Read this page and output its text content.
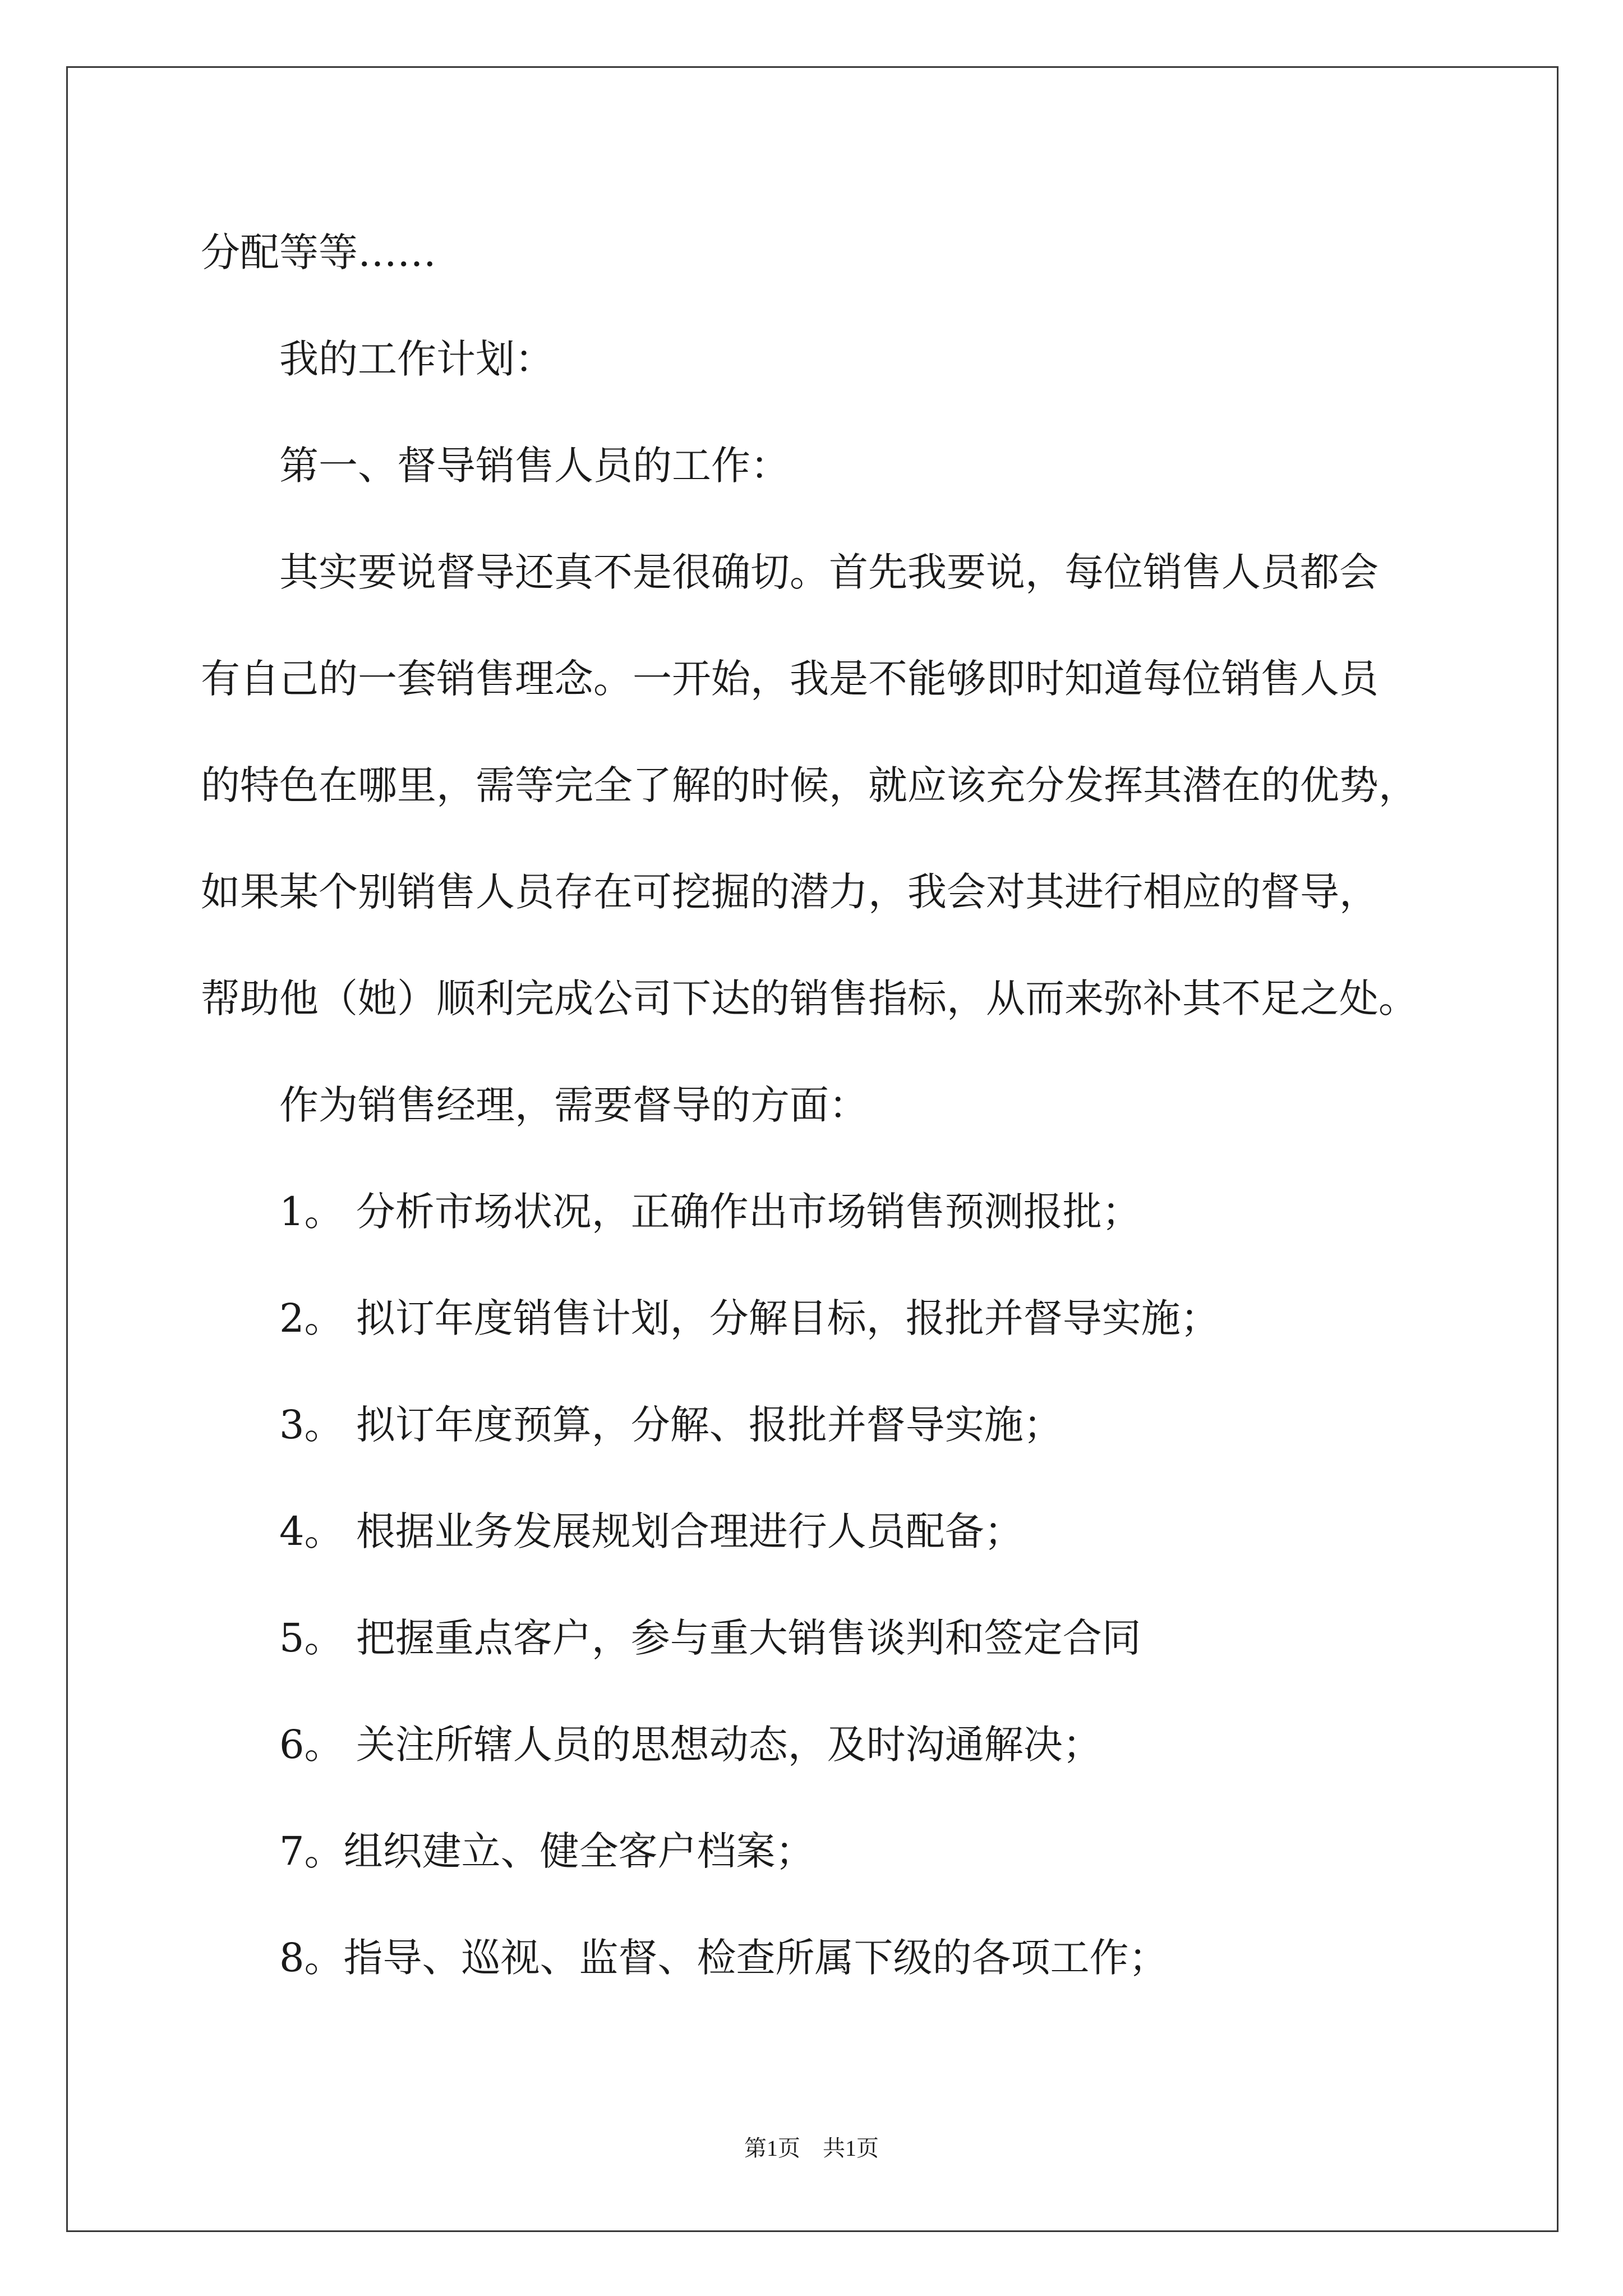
分配等等……
我的工作计划：
第一、督导销售人员的工作：
其实要说督导还真不是很确切。首先我要说，每位销售人员都会
有自己的一套销售理念。一开始，我是不能够即时知道每位销售人员
的特色在哪里，需等完全了解的时候，就应该充分发挥其潜在的优势，
如果某个别销售人员存在可挖掘的潜力，我会对其进行相应的督导，
帮助他（她）顺利完成公司下达的销售指标，从而来弥补其不足之处。
作为销售经理，需要督导的方面：
1。 分析市场状况，正确作出市场销售预测报批；
2。 拟订年度销售计划，分解目标，报批并督导实施；
3。 拟订年度预算，分解、报批并督导实施；
4。 根据业务发展规划合理进行人员配备；
5。 把握重点客户，参与重大销售谈判和签定合同
6。 关注所辖人员的思想动态，及时沟通解决；
7。组织建立、健全客户档案；
8。指导、巡视、监督、检查所属下级的各项工作；
第1页 共1页
